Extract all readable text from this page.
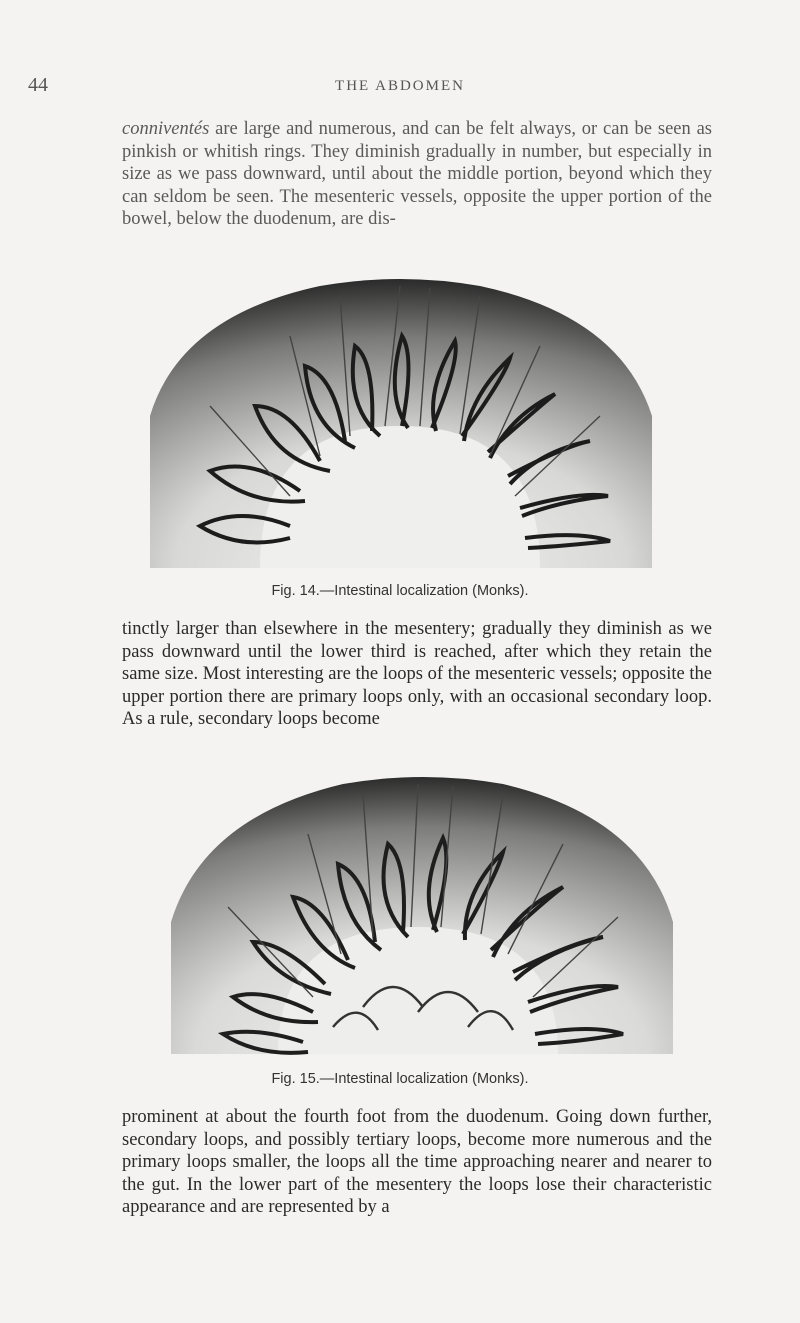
44	THE ABDOMEN

conniventés are large and numerous, and can be felt always, or can be seen as pinkish or whitish rings. They diminish gradually in number, but especially in size as we pass downward, until about the middle portion, beyond which they can seldom be seen. The mesenteric vessels, opposite the upper portion of the bowel, below the duodenum, are dis-

Fig. 14.—Intestinal localization (Monks).

tinctly larger than elsewhere in the mesentery; gradually they diminish as we pass downward until the lower third is reached, after which they retain the same size. Most interesting are the loops of the mesenteric vessels; opposite the upper portion there are primary loops only, with an occasional secondary loop. As a rule, secondary loops become

Fig. 15.—Intestinal localization (Monks).

prominent at about the fourth foot from the duodenum. Going down further, secondary loops, and possibly tertiary loops, become more numerous and the primary loops smaller, the loops all the time approaching nearer and nearer to the gut. In the lower part of the mesentery the loops lose their characteristic appearance and are represented by a
